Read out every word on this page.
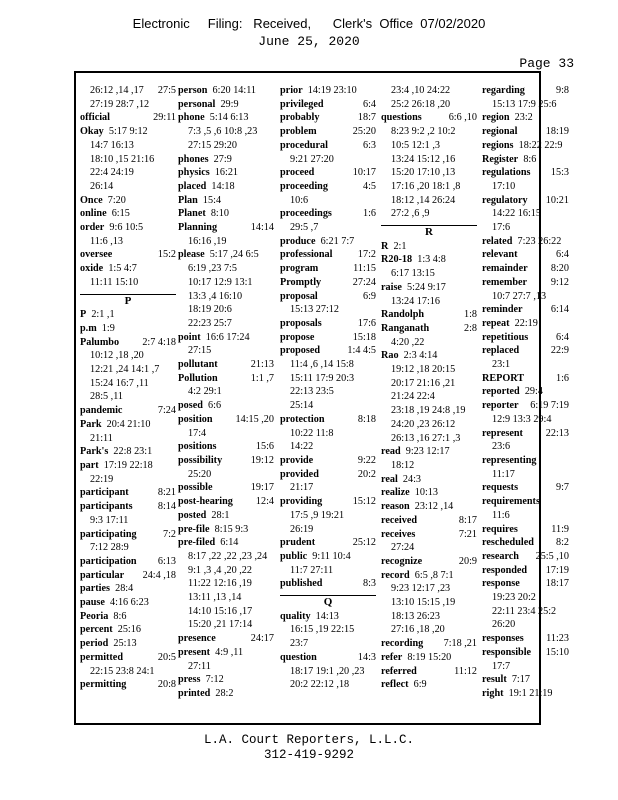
Electronic     Filing:   Received,      Clerk's  Office  07/02/2020
June 25, 2020
Page 33
26:12 ,14 ,17 27:5
27:19 28:7 ,12
official	29:11
Okay  5:17 9:12
14:7 16:13
18:10 ,15 21:16
22:4 24:19
26:14
Once  7:20
online  6:15
order  9:6 10:5
11:6 ,13
oversee	15:2
oxide  1:5 4:7
11:11 15:10
P
P  2:1 ,1
p.m  1:9
Palumbo 2:7 4:18
10:12 ,18 ,20
12:21 ,24 14:1 ,7
15:24 16:7 ,11
28:5 ,11
pandemic	7:24
Park  20:4 21:10
21:11
Park's  22:8 23:1
part  17:19 22:18
22:19
participant	8:21
participants 8:14
9:3 17:11
participating	7:2
7:12 28:9
participation 6:13
particular 24:4 ,18
parties  28:4
pause  4:16 6:23
Peoria  8:6
percent  25:16
period  25:13
permitted	20:5
22:15 23:8 24:1
permitting	20:8
person  6:20 14:11
personal  29:9
phone  5:14 6:13
7:3 ,5 ,6 10:8 ,23
27:15 29:20
phones  27:9
physics  16:21
placed  14:18
Plan  15:4
Planet  8:10
Planning	14:14
16:16 ,19
please  5:17 ,24 6:5
6:19 ,23 7:5
10:17 12:9 13:1
13:3 ,4 16:10
18:19 20:6
22:23 25:7
point  16:6 17:24
27:15
pollutant	21:13
Pollution	1:1 ,7
4:2 29:1
posed  6:6
position 14:15 ,20
17:4
positions	15:6
possibility	19:12
25:20
possible	19:17
post-hearing 12:4
posted  28:1
pre-file  8:15 9:3
pre-filed  6:14
8:17 ,22 ,22 ,23 ,24
9:1 ,3 ,4 ,20 ,22
11:22 12:16 ,19
13:11 ,13 ,14
14:10 15:16 ,17
15:20 ,21 17:14
presence	24:17
present  4:9 ,11
27:11
press  7:12
printed  28:2
prior  14:19 23:10
privileged	6:4
probably	18:7
problem	25:20
procedural	6:3
9:21 27:20
proceed	10:17
proceeding	4:5
10:6
proceedings	1:6
29:5 ,7
produce  6:21 7:7
professional 17:2
program	11:15
Promptly	27:24
proposal	6:9
15:13 27:12
proposals	17:6
propose	15:18
proposed	1:4 4:5
11:4 ,6 ,14 15:8
15:11 17:9 20:3
22:13 23:5
25:14
protection	8:18
10:22 11:8
14:22
provide	9:22
provided	20:2
21:17
providing	15:12
17:5 ,9 19:21
26:19
prudent	25:12
public  9:11 10:4
11:7 27:11
published	8:3
Q
quality  14:13
16:15 ,19 22:15
23:7
question	14:3
18:17 19:1 ,20 ,23
20:2 22:12 ,18
23:4 ,10 24:22
25:2 26:18 ,20
questions	6:6 ,10
8:23 9:2 ,2 10:2
10:5 12:1 ,3
13:24 15:12 ,16
15:20 17:10 ,13
17:16 ,20 18:1 ,8
18:12 ,14 26:24
27:2 ,6 ,9
R
R  2:1
R20-18  1:3 4:8
6:17 13:15
raise  5:24 9:17
13:24 17:16
Randolph	1:8
Ranganath	2:8
4:20 ,22
Rao  2:3 4:14
19:12 ,18 20:15
20:17 21:16 ,21
21:24 22:4
23:18 ,19 24:8 ,19
24:20 ,23 26:12
26:13 ,16 27:1 ,3
read  9:23 12:17
18:12
real  24:3
realize  10:13
reason  23:12 ,14
received	8:17
receives	7:21
27:24
recognize	20:9
record  6:5 ,8 7:1
9:23 12:17 ,23
13:10 15:15 ,19
18:13 26:23
27:16 ,18 ,20
recording 7:18 ,21
refer  8:19 15:20
referred	11:12
reflect  6:9
regarding	9:8
15:13 17:9 25:6
region  23:2
regional	18:19
regions  18:22 22:9
Register  8:6
regulations 15:3
17:10
regulatory 10:21
14:22 16:15
17:6
related  7:23 26:22
relevant	6:4
remainder 8:20
remember 9:12
10:7 27:7 ,13
reminder	6:14
repeat  22:19
repetitious	6:4
replaced	22:9
23:1
REPORT	1:6
reported  29:4
reporter 6:19 7:19
12:9 13:3 29:4
represent 22:13
23:6
representing
11:17
requests	9:7
requirements
11:6
requires	11:9
rescheduled 8:2
research 25:5 ,10
responded 17:19
response	18:17
19:23 20:2
22:11 23:4 25:2
26:20
responses 11:23
responsible 15:10
17:7
result  7:17
right  19:1 21:19
L.A. Court Reporters, L.L.C.
312-419-9292
